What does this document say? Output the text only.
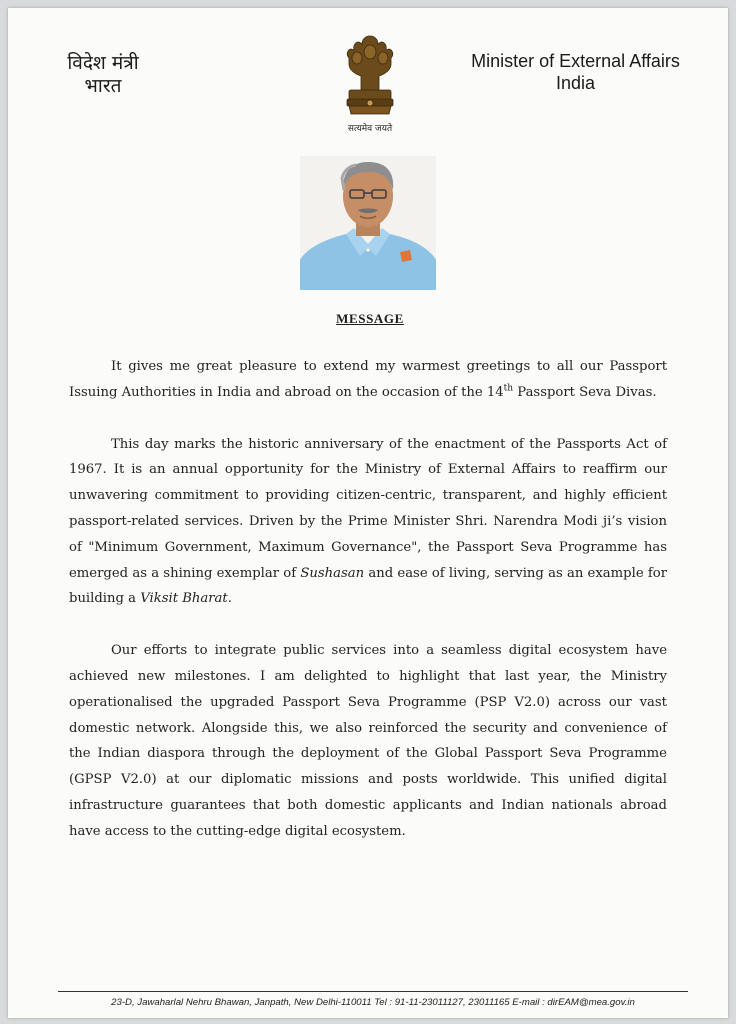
विदेश मंत्री
भारत
सत्यमेव जयते
Minister of External Affairs
India
MESSAGE

It gives me great pleasure to extend my warmest greetings to all our Passport Issuing Authorities in India and abroad on the occasion of the 14th Passport Seva Divas.

This day marks the historic anniversary of the enactment of the Passports Act of 1967. It is an annual opportunity for the Ministry of External Affairs to reaffirm our unwavering commitment to providing citizen-centric, transparent, and highly efficient passport-related services. Driven by the Prime Minister Shri. Narendra Modi ji’s vision of "Minimum Government, Maximum Governance", the Passport Seva Programme has emerged as a shining exemplar of Sushasan and ease of living, serving as an example for building a Viksit Bharat.

Our efforts to integrate public services into a seamless digital ecosystem have achieved new milestones. I am delighted to highlight that last year, the Ministry operationalised the upgraded Passport Seva Programme (PSP V2.0) across our vast domestic network. Alongside this, we also reinforced the security and convenience of the Indian diaspora through the deployment of the Global Passport Seva Programme (GPSP V2.0) at our diplomatic missions and posts worldwide. This unified digital infrastructure guarantees that both domestic applicants and Indian nationals abroad have access to the cutting-edge digital ecosystem.

23-D, Jawaharlal Nehru Bhawan, Janpath, New Delhi-110011 Tel : 91-11-23011127, 23011165 E-mail : dirEAM@mea.gov.in
